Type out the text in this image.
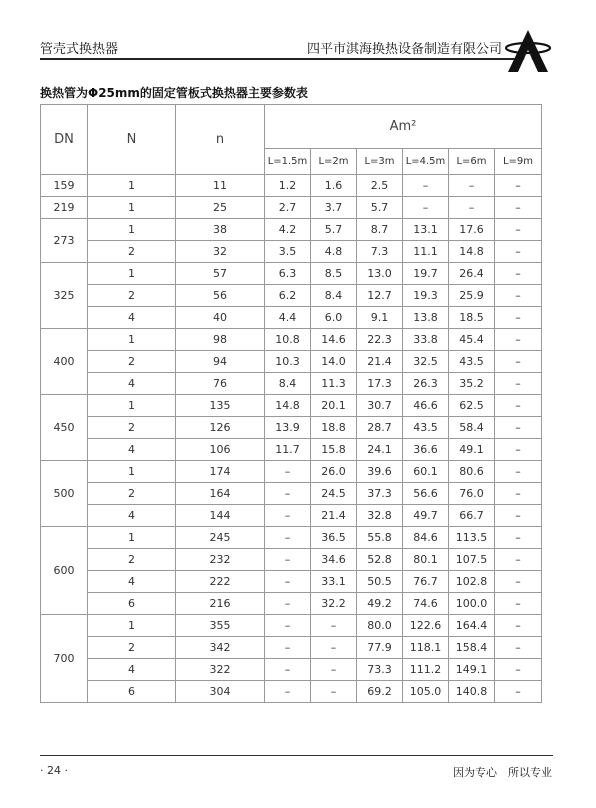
管壳式换热器	四平市淇海换热设备制造有限公司
换热管为Φ25mm的固定管板式换热器主要参数表
DN	N	n	Am²					
			L=1.5m	L=2m	L=3m	L=4.5m	L=6m	L=9m
159	1	11	1.2	1.6	2.5	–	–	–
219	1	25	2.7	3.7	5.7	–	–	–
273	1	38	4.2	5.7	8.7	13.1	17.6	–
	2	32	3.5	4.8	7.3	11.1	14.8	–
325	1	57	6.3	8.5	13.0	19.7	26.4	–
	2	56	6.2	8.4	12.7	19.3	25.9	–
	4	40	4.4	6.0	9.1	13.8	18.5	–
400	1	98	10.8	14.6	22.3	33.8	45.4	–
	2	94	10.3	14.0	21.4	32.5	43.5	–
	4	76	8.4	11.3	17.3	26.3	35.2	–
450	1	135	14.8	20.1	30.7	46.6	62.5	–
	2	126	13.9	18.8	28.7	43.5	58.4	–
	4	106	11.7	15.8	24.1	36.6	49.1	–
500	1	174	–	26.0	39.6	60.1	80.6	–
	2	164	–	24.5	37.3	56.6	76.0	–
	4	144	–	21.4	32.8	49.7	66.7	–
600	1	245	–	36.5	55.8	84.6	113.5	–
	2	232	–	34.6	52.8	80.1	107.5	–
	4	222	–	33.1	50.5	76.7	102.8	–
	6	216	–	32.2	49.2	74.6	100.0	–
700	1	355	–	–	80.0	122.6	164.4	–
	2	342	–	–	77.9	118.1	158.4	–
	4	322	–	–	73.3	111.2	149.1	–
	6	304	–	–	69.2	105.0	140.8	–
· 24 ·	因为专心　所以专业
